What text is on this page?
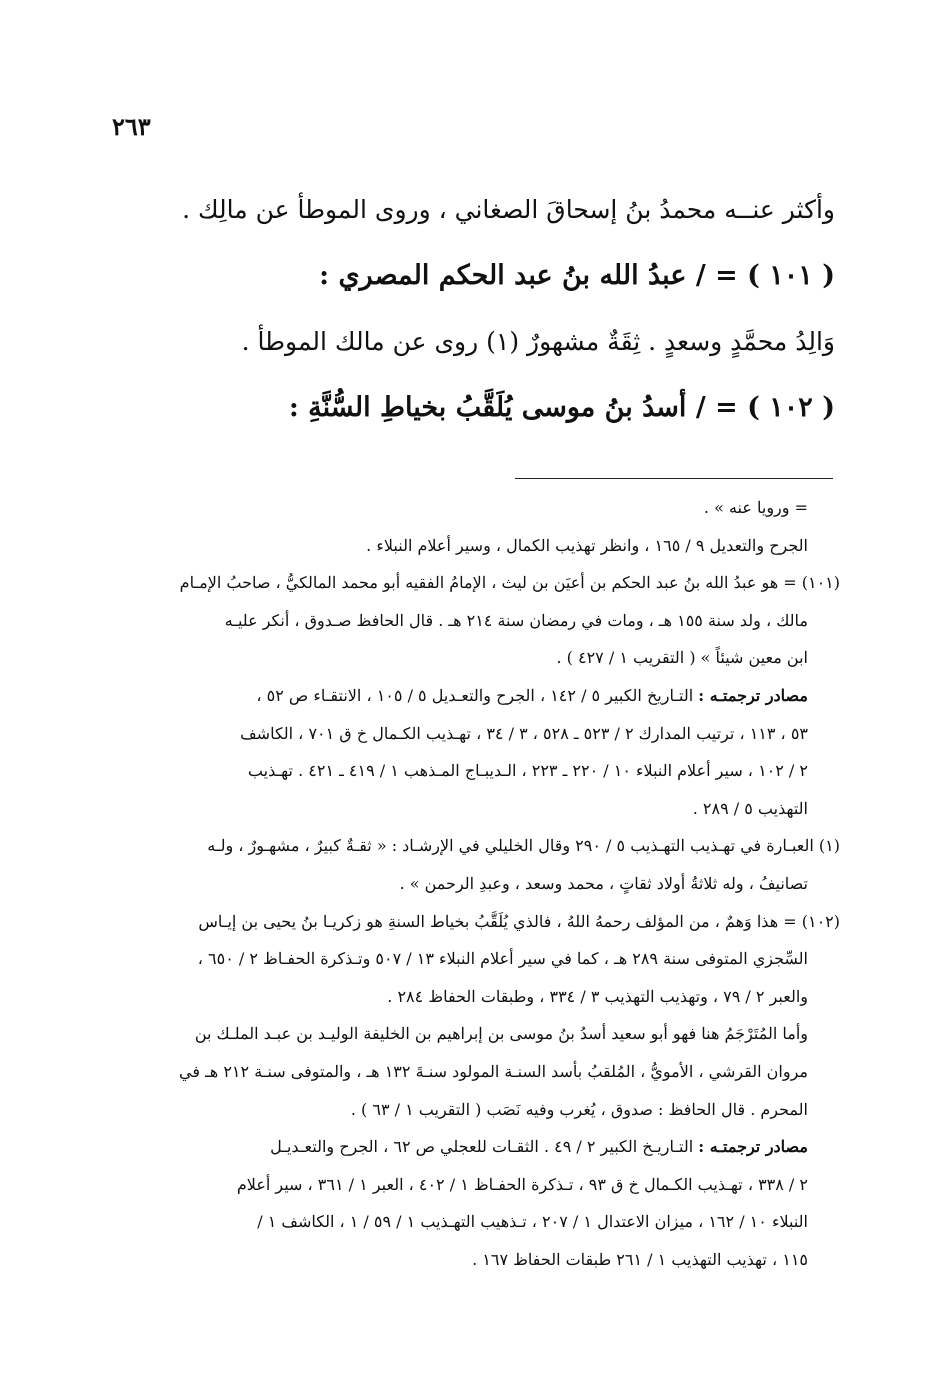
٢٦٣
وأكثر عنــه محمدُ بنُ إسحاقَ الصغاني ، وروى الموطأ عن مالِك .
( ١٠١ ) = / عبدُ الله بنُ عبد الحكم المصري :
وَالِدُ محمَّدٍ وسعدٍ . ثِقَةٌ مشهورٌ (١) روى عن مالك الموطأ .
( ١٠٢ ) = / أسدُ بنُ موسى يُلَقَّبُ بخياطِ السُّنَّةِ :
= ورويا عنه » .
الجرح والتعديل ٩ / ١٦٥ ، وانظر تهذيب الكمال ، وسير أعلام النبلاء .
(١٠١) = هو عبدُ الله بنُ عبد الحكم بن أعيَن بن ليث ، الإمامُ الفقيه أبو محمد المالكيُّ ، صاحبُ الإمـام
مالك ، ولد سنة ١٥٥ هـ ، ومات في رمضان سنة ٢١٤ هـ . قال الحافظ صـدوق ، أنكر عليـه
ابن معين شيئاً » ( التقريب ١ / ٤٢٧ ) .
مصادر ترجمتـه : التـاريخ الكبير ٥ / ١٤٢ ، الجرح والتعـديل ٥ / ١٠٥ ، الانتقـاء ص ٥٢ ،
٥٣ ، ١١٣ ، ترتيب المدارك ٢ / ٥٢٣ ـ ٥٢٨ ، ٣ / ٣٤ ، تهـذيب الكـمال خ ق ٧٠١ ، الكاشف
٢ / ١٠٢ ، سير أعلام النبلاء ١٠ / ٢٢٠ ـ ٢٢٣ ، الـديبـاج المـذهب ١ / ٤١٩ ـ ٤٢١ . تهـذيب
التهذيب ٥ / ٢٨٩ .
(١) العبـارة في تهـذيب التهـذيب ٥ / ٢٩٠ وقال الخليلي في الإرشـاد : « ثقـةٌ كبيرٌ ، مشهـورٌ ، ولـه
تصانيفُ ، وله ثلاثةُ أولاد ثقاتٍ ، محمد وسعد ، وعبدِ الرحمن » .
(١٠٢) = هذا وَهمٌ ، من المؤلف رحمهُ اللهُ ، فالذي يُلَقَّبُ بخياط السنةِ هو زكريـا بنُ يحيى بن إيـاس
السِّجزي المتوفى سنة ٢٨٩ هـ ، كما في سير أعلام النبلاء ١٣ / ٥٠٧ وتـذكرة الحفـاظ ٢ / ٦٥٠ ،
والعبر ٢ / ٧٩ ، وتهذيب التهذيب ٣ / ٣٣٤ ، وطبقات الحفاظ ٢٨٤ .
وأما المُتَرْجَمُ هنا فهو أبو سعيد أسدُ بنُ موسى بن إبراهيم بن الخليفة الوليـد بن عبـد الملـك بن
مروان القرشي ، الأمويُّ ، المُلقبُ بأسد السنـة المولود سنـةَ ١٣٢ هـ ، والمتوفى سنـة ٢١٢ هـ في
المحرم . قال الحافظ : صدوق ، يُغرب وفيه نَصَب ( التقريب ١ / ٦٣ ) .
مصادر ترجمتـه : التـاريـخ الكبير ٢ / ٤٩ . الثقـات للعجلي ص ٦٢ ، الجرح والتعـديـل
٢ / ٣٣٨ ، تهـذيب الكـمال خ ق ٩٣ ، تـذكرة الحفـاظ ١ / ٤٠٢ ، العبر ١ / ٣٦١ ، سير أعلام
النبلاء ١٠ / ١٦٢ ، ميزان الاعتدال ١ / ٢٠٧ ، تـذهيب التهـذيب ١ / ٥٩ / ١ ، الكاشف ١ /
١١٥ ، تهذيب التهذيب ١ / ٢٦١ طبقات الحفاظ ١٦٧ .
